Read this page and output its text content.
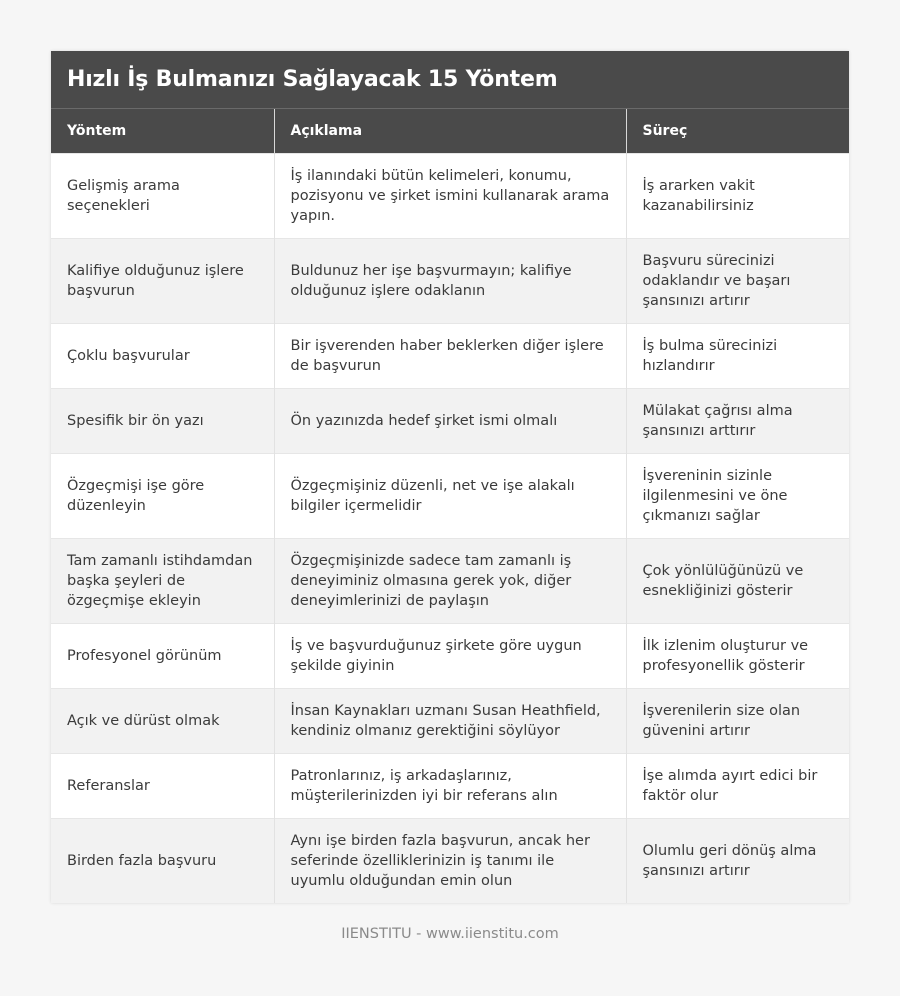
Hızlı İş Bulmanızı Sağlayacak 15 Yöntem
Yöntem	Açıklama	Süreç
Gelişmiş arama seçenekleri	İş ilanındaki bütün kelimeleri, konumu, pozisyonu ve şirket ismini kullanarak arama yapın.	İş ararken vakit kazanabilirsiniz
Kalifiye olduğunuz işlere başvurun	Buldunuz her işe başvurmayın; kalifiye olduğunuz işlere odaklanın	Başvuru sürecinizi odaklandır ve başarı şansınızı artırır
Çoklu başvurular	Bir işverenden haber beklerken diğer işlere de başvurun	İş bulma sürecinizi hızlandırır
Spesifik bir ön yazı	Ön yazınızda hedef şirket ismi olmalı	Mülakat çağrısı alma şansınızı arttırır
Özgeçmişi işe göre düzenleyin	Özgeçmişiniz düzenli, net ve işe alakalı bilgiler içermelidir	İşvereninin sizinle ilgilenmesini ve öne çıkmanızı sağlar
Tam zamanlı istihdamdan başka şeyleri de özgeçmişe ekleyin	Özgeçmişinizde sadece tam zamanlı iş deneyiminiz olmasına gerek yok, diğer deneyimlerinizi de paylaşın	Çok yönlülüğünüzü ve esnekliğinizi gösterir
Profesyonel görünüm	İş ve başvurduğunuz şirkete göre uygun şekilde giyinin	İlk izlenim oluşturur ve profesyonellik gösterir
Açık ve dürüst olmak	İnsan Kaynakları uzmanı Susan Heathfield, kendiniz olmanız gerektiğini söylüyor	İşverenilerin size olan güvenini artırır
Referanslar	Patronlarınız, iş arkadaşlarınız, müşterilerinizden iyi bir referans alın	İşe alımda ayırt edici bir faktör olur
Birden fazla başvuru	Aynı işe birden fazla başvurun, ancak her seferinde özelliklerinizin iş tanımı ile uyumlu olduğundan emin olun	Olumlu geri dönüş alma şansınızı artırır
IIENSTITU - www.iienstitu.com
